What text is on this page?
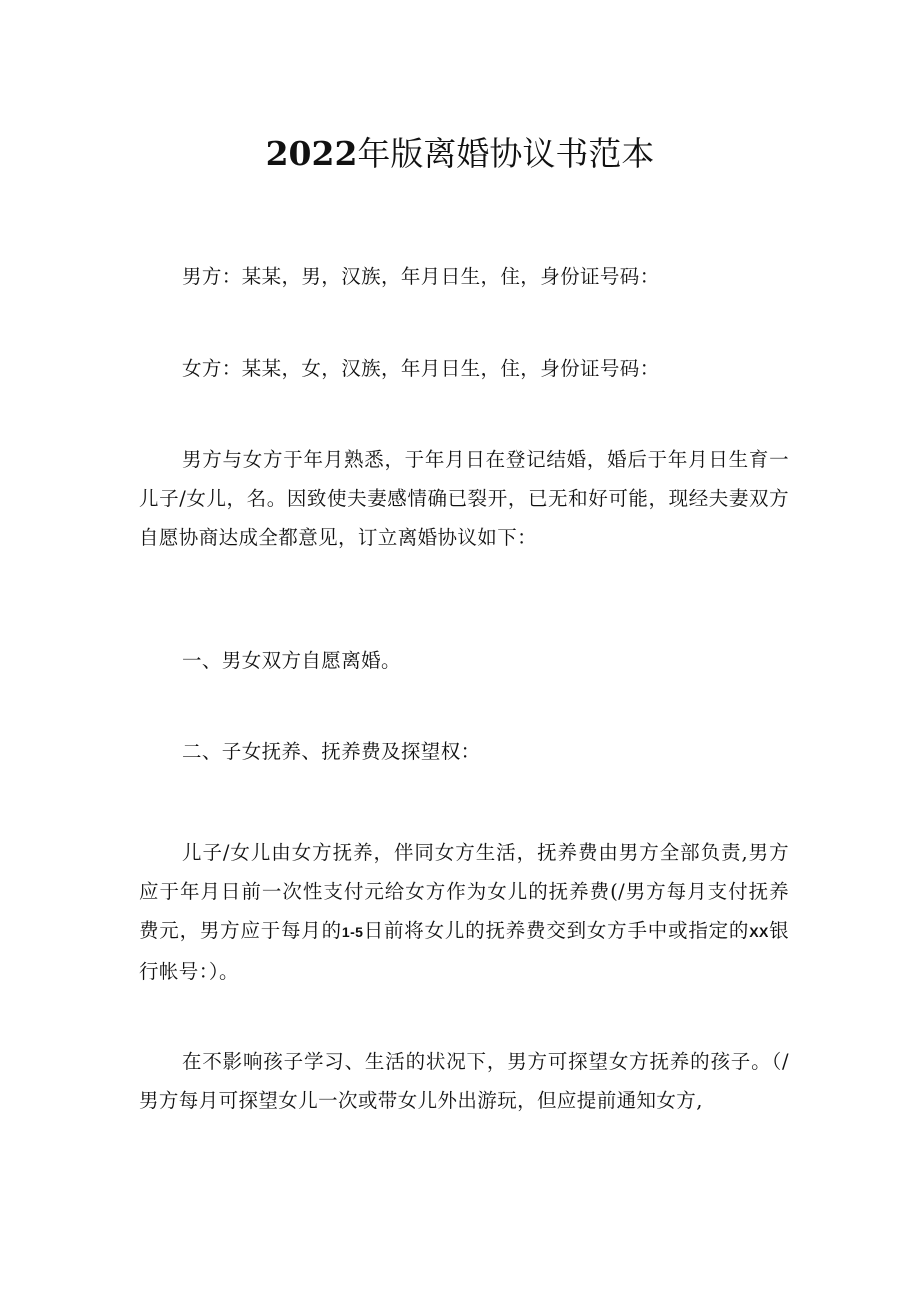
2022年版离婚协议书范本

男方：某某，男，汉族，年月日生，住，身份证号码：

女方：某某，女，汉族，年月日生，住，身份证号码：

男方与女方于年月熟悉，于年月日在登记结婚，婚后于年月日生育一儿子/女儿，名。因致使夫妻感情确已裂开，已无和好可能，现经夫妻双方自愿协商达成全都意见，订立离婚协议如下：

一、男女双方自愿离婚。

二、子女抚养、抚养费及探望权：

儿子/女儿由女方抚养，伴同女方生活，抚养费由男方全部负责,男方应于年月日前一次性支付元给女方作为女儿的抚养费(/男方每月支付抚养费元，男方应于每月的1-5日前将女儿的抚养费交到女方手中或指定的XX银行帐号：）。

在不影响孩子学习、生活的状况下，男方可探望女方抚养的孩子。（/男方每月可探望女儿一次或带女儿外出游玩，但应提前通知女方,
